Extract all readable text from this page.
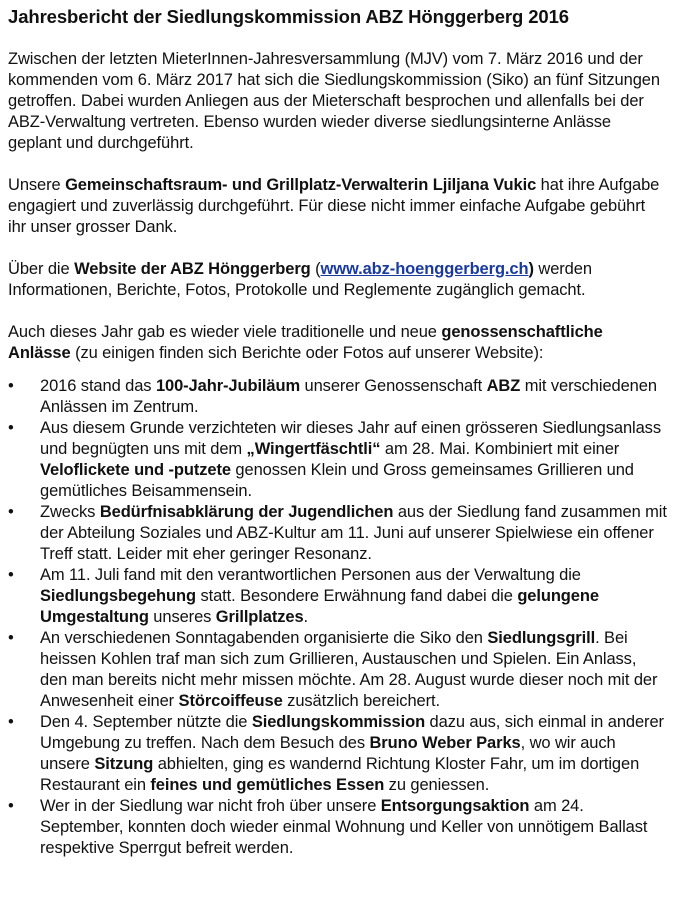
Jahresbericht der Siedlungskommission ABZ Hönggerberg 2016

Zwischen der letzten MieterInnen-Jahresversammlung (MJV) vom 7. März 2016 und der kommenden vom 6. März 2017 hat sich die Siedlungskommission (Siko) an fünf Sitzungen getroffen. Dabei wurden Anliegen aus der Mieterschaft besprochen und allenfalls bei der ABZ-Verwaltung vertreten. Ebenso wurden wieder diverse siedlungsinterne Anlässe geplant und durchgeführt.

Unsere Gemeinschaftsraum- und Grillplatz-Verwalterin Ljiljana Vukic hat ihre Aufgabe engagiert und zuverlässig durchgeführt. Für diese nicht immer einfache Aufgabe gebührt ihr unser grosser Dank.

Über die Website der ABZ Hönggerberg (www.abz-hoenggerberg.ch) werden Informationen, Berichte, Fotos, Protokolle und Reglemente zugänglich gemacht.

Auch dieses Jahr gab es wieder viele traditionelle und neue genossenschaftliche Anlässe (zu einigen finden sich Berichte oder Fotos auf unserer Website):

•	2016 stand das 100-Jahr-Jubiläum unserer Genossenschaft ABZ mit verschiedenen Anlässen im Zentrum.
•	Aus diesem Grunde verzichteten wir dieses Jahr auf einen grösseren Siedlungsanlass und begnügten uns mit dem „Wingertfäschtli“ am 28. Mai. Kombiniert mit einer Veloflickete und -putzete genossen Klein und Gross gemeinsames Grillieren und gemütliches Beisammensein.
•	Zwecks Bedürfnisabklärung der Jugendlichen aus der Siedlung fand zusammen mit der Abteilung Soziales und ABZ-Kultur am 11. Juni auf unserer Spielwiese ein offener Treff statt. Leider mit eher geringer Resonanz.
•	Am 11. Juli fand mit den verantwortlichen Personen aus der Verwaltung die Siedlungsbegehung statt. Besondere Erwähnung fand dabei die gelungene Umgestaltung unseres Grillplatzes.
•	An verschiedenen Sonntagabenden organisierte die Siko den Siedlungsgrill. Bei heissen Kohlen traf man sich zum Grillieren, Austauschen und Spielen. Ein Anlass, den man bereits nicht mehr missen möchte. Am 28. August wurde dieser noch mit der Anwesenheit einer Störcoiffeuse zusätzlich bereichert.
•	Den 4. September nützte die Siedlungskommission dazu aus, sich einmal in anderer Umgebung zu treffen. Nach dem Besuch des Bruno Weber Parks, wo wir auch unsere Sitzung abhielten, ging es wandernd Richtung Kloster Fahr, um im dortigen Restaurant ein feines und gemütliches Essen zu geniessen.
•	Wer in der Siedlung war nicht froh über unsere Entsorgungsaktion am 24. September, konnten doch wieder einmal Wohnung und Keller von unnötigem Ballast respektive Sperrgut befreit werden.
